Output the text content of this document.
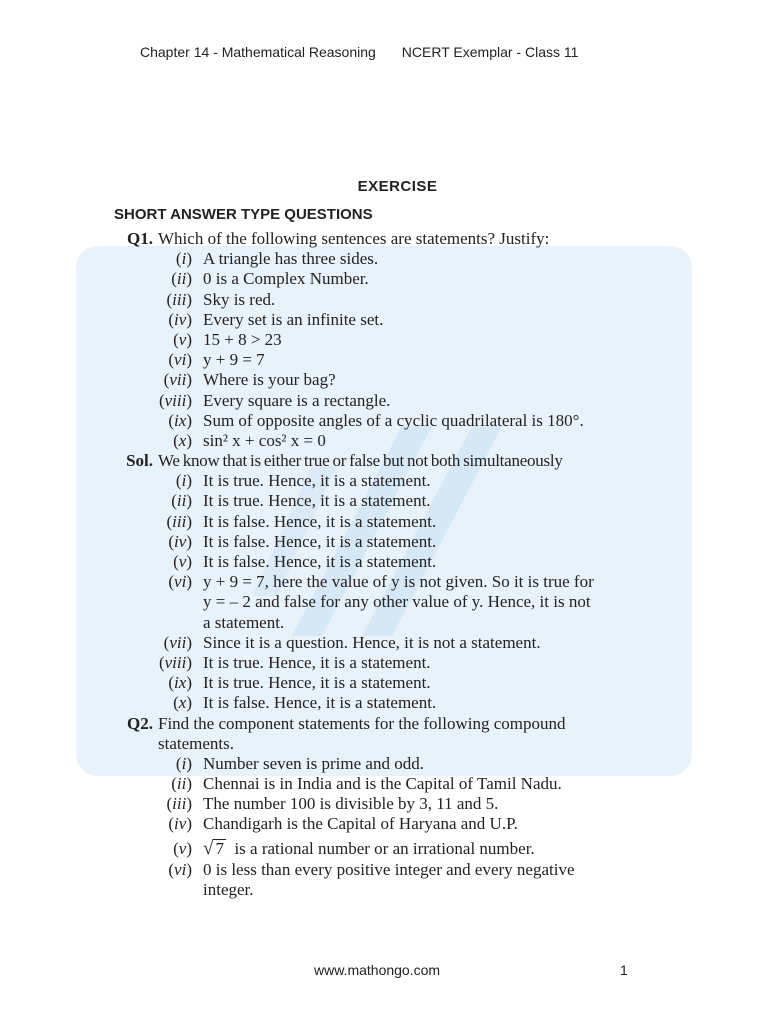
Chapter 14 - Mathematical Reasoning NCERT Exemplar - Class 11
EXERCISE
SHORT ANSWER TYPE QUESTIONS
Q1. Which of the following sentences are statements? Justify:
(i) A triangle has three sides.
(ii) 0 is a Complex Number.
(iii) Sky is red.
(iv) Every set is an infinite set.
(v) 15 + 8 > 23
(vi) y + 9 = 7
(vii) Where is your bag?
(viii) Every square is a rectangle.
(ix) Sum of opposite angles of a cyclic quadrilateral is 180°.
(x) sin² x + cos² x = 0
Sol. We know that is either true or false but not both simultaneously
(i) It is true. Hence, it is a statement.
(ii) It is true. Hence, it is a statement.
(iii) It is false. Hence, it is a statement.
(iv) It is false. Hence, it is a statement.
(v) It is false. Hence, it is a statement.
(vi) y + 9 = 7, here the value of y is not given. So it is true for
y = – 2 and false for any other value of y. Hence, it is not
a statement.
(vii) Since it is a question. Hence, it is not a statement.
(viii) It is true. Hence, it is a statement.
(ix) It is true. Hence, it is a statement.
(x) It is false. Hence, it is a statement.
Q2. Find the component statements for the following compound
statements.
(i) Number seven is prime and odd.
(ii) Chennai is in India and is the Capital of Tamil Nadu.
(iii) The number 100 is divisible by 3, 11 and 5.
(iv) Chandigarh is the Capital of Haryana and U.P.
(v) √ 7 is a rational number or an irrational number.
(vi) 0 is less than every positive integer and every negative
integer.
www.mathongo.com	1
